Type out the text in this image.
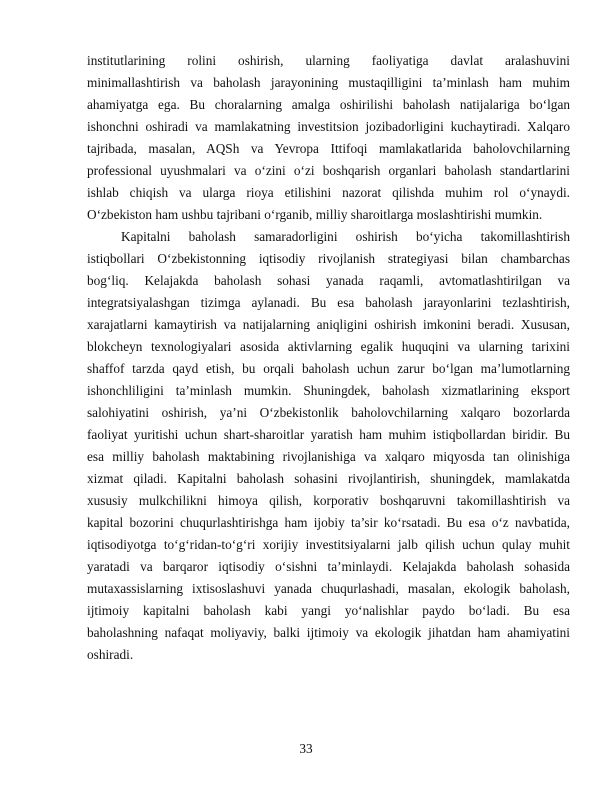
institutlarining rolini oshirish, ularning faoliyatiga davlat aralashuvini
minimallashtirish va baholash jarayonining mustaqilligini ta’minlash ham muhim
ahamiyatga ega. Bu choralarning amalga oshirilishi baholash natijalariga bo‘lgan
ishonchni oshiradi va mamlakatning investitsion jozibadorligini kuchaytiradi. Xalqaro
tajribada, masalan, AQSh va Yevropa Ittifoqi mamlakatlarida baholovchilarning
professional uyushmalari va o‘zini o‘zi boshqarish organlari baholash standartlarini
ishlab chiqish va ularga rioya etilishini nazorat qilishda muhim rol o‘ynaydi.
O‘zbekiston ham ushbu tajribani o‘rganib, milliy sharoitlarga moslashtirishi mumkin.
Kapitalni baholash samaradorligini oshirish bo‘yicha takomillashtirish
istiqbollari O‘zbekistonning iqtisodiy rivojlanish strategiyasi bilan chambarchas
bog‘liq. Kelajakda baholash sohasi yanada raqamli, avtomatlashtirilgan va
integratsiyalashgan tizimga aylanadi. Bu esa baholash jarayonlarini tezlashtirish,
xarajatlarni kamaytirish va natijalarning aniqligini oshirish imkonini beradi. Xususan,
blokcheyn texnologiyalari asosida aktivlarning egalik huquqini va ularning tarixini
shaffof tarzda qayd etish, bu orqali baholash uchun zarur bo‘lgan ma’lumotlarning
ishonchliligini ta’minlash mumkin. Shuningdek, baholash xizmatlarining eksport
salohiyatini oshirish, ya’ni O‘zbekistonlik baholovchilarning xalqaro bozorlarda
faoliyat yuritishi uchun shart-sharoitlar yaratish ham muhim istiqbollardan biridir. Bu
esa milliy baholash maktabining rivojlanishiga va xalqaro miqyosda tan olinishiga
xizmat qiladi. Kapitalni baholash sohasini rivojlantirish, shuningdek, mamlakatda
xususiy mulkchilikni himoya qilish, korporativ boshqaruvni takomillashtirish va
kapital bozorini chuqurlashtirishga ham ijobiy ta’sir ko‘rsatadi. Bu esa o‘z navbatida,
iqtisodiyotga to‘g‘ridan-to‘g‘ri xorijiy investitsiyalarni jalb qilish uchun qulay muhit
yaratadi va barqaror iqtisodiy o‘sishni ta’minlaydi. Kelajakda baholash sohasida
mutaxassislarning ixtisoslashuvi yanada chuqurlashadi, masalan, ekologik baholash,
ijtimoiy kapitalni baholash kabi yangi yo‘nalishlar paydo bo‘ladi. Bu esa
baholashning nafaqat moliyaviy, balki ijtimoiy va ekologik jihatdan ham ahamiyatini
oshiradi.
33
